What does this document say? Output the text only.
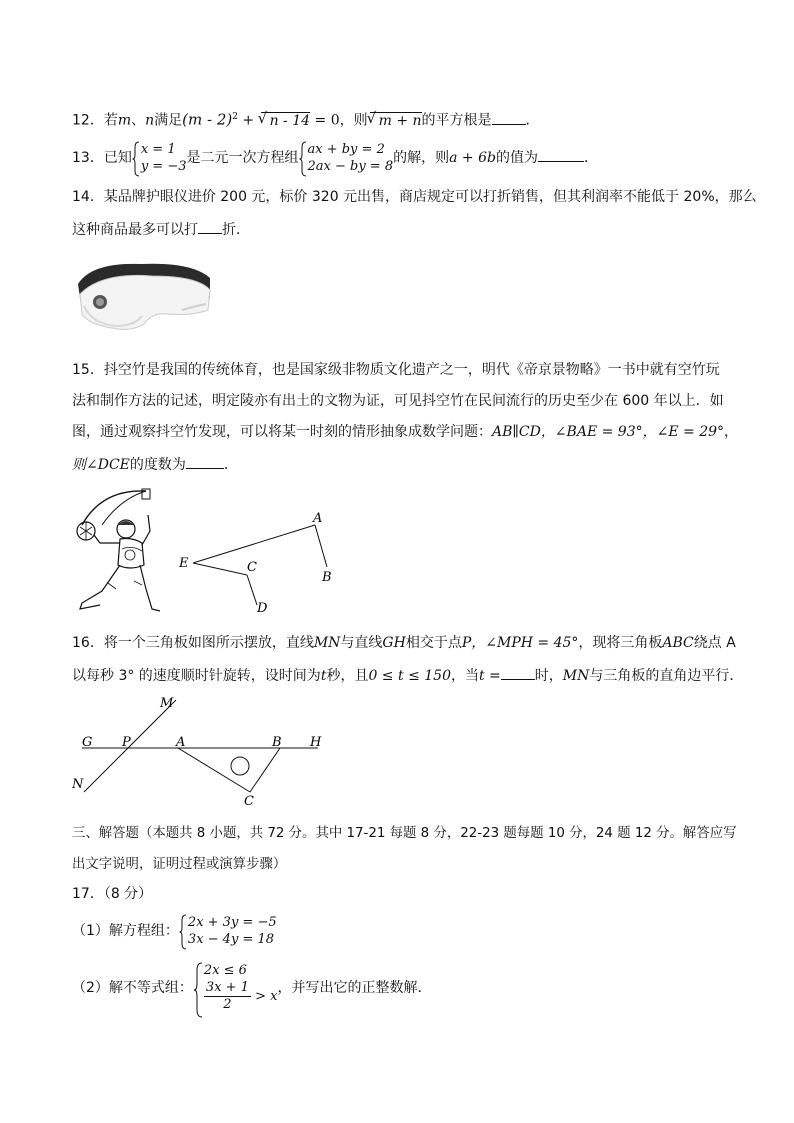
12．若m、n满足(m - 2)$^2$ + √ n - 14 = 0，则√ m + n的平方根是 ．
13．已知
x = 1
y = −3
是二元一次方程组
ax + by = 2
2ax − by = 8
的解，则a + 6b的值为	．
14．某品牌护眼仪进价 200 元，标价 320 元出售，商店规定可以打折销售，但其利润率不能低于 20%，那么
这种商品最多可以打 折．
15．抖空竹是我国的传统体育，也是国家级非物质文化遗产之一，明代《帝京景物略》一书中就有空竹玩
法和制作方法的记述，明定陵亦有出土的文物为证，可见抖空竹在民间流行的历史至少在 600 年以上．如
图，通过观察抖空竹发现，可以将某一时刻的情形抽象成数学问题：AB∥CD，∠BAE = 93°，∠E = 29°，
则∠DCE的度数为	．
A
B
C
D
E
16．将一个三角板如图所示摆放，直线MN与直线GH相交于点P，∠MPH = 45°，现将三角板ABC绕点 A
以每秒 3° 的速度顺时针旋转，设时间为t秒，且0 ≤ t ≤ 150，当t = 时，MN与三角板的直角边平行．
M
N
G P	A	B H
C
三、解答题（本题共 8 小题，共 72 分。其中 17-21 每题 8 分，22-23 题每题 10 分，24 题 12 分。解答应写
出文字说明，证明过程或演算步骤）
17．（8 分）
（1）解方程组：
2x + 3y = −5
3x − 4y = 18
（2）解不等式组：
2x ≤ 6
$\frac{3x + 1}{2} > x$ ，并写出它的正整数解．
